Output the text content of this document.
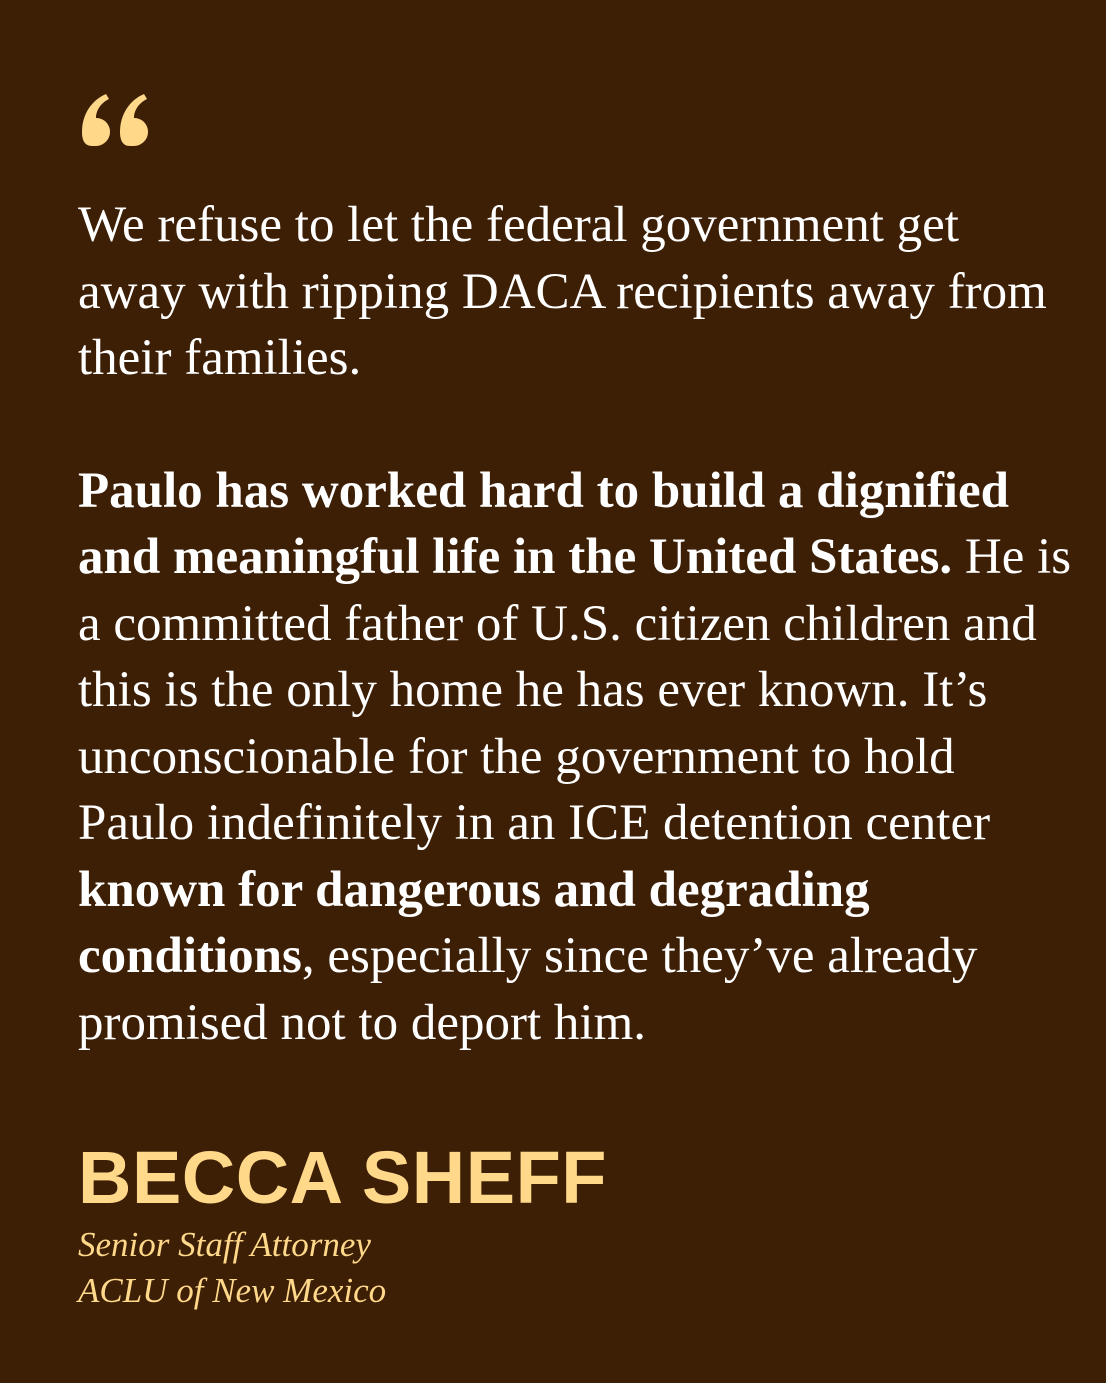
We refuse to let the federal government get away with ripping DACA recipients away from their families.

Paulo has worked hard to build a dignified and meaningful life in the United States. He is a committed father of U.S. citizen children and this is the only home he has ever known. It’s unconscionable for the government to hold Paulo indefinitely in an ICE detention center known for dangerous and degrading conditions, especially since they’ve already promised not to deport him.

BECCA SHEFF
Senior Staff Attorney
ACLU of New Mexico
